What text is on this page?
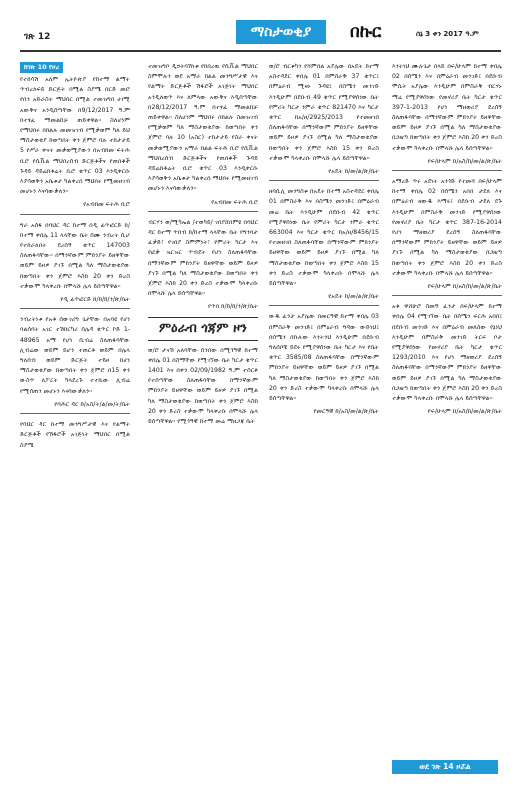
ገጽ 12	ማስታወቂያ	በኩር	ሰኔ 3 ቀን 2017 ዓ.ም
ከገጽ 10 የዞረ

የተከሳሽ አለም ኢትዮጵያ የከተማ ልማት ጥብረለፍይ ድርጅት በሚል ስያሜ በርድ መሮ የበን አድራስት ማህበር በሚል ተመዝግበ ሀገሚ አውቅና አንዲሰጣቸው በ9/12/2017 ዓ.ም በተፃፈ ማመልከቻ ጠይቀዋል፡፡ ስለሆነም የማህበሩ በክልሉ መመዝገብ የሚቃወም ካለ ይህ ማስታወቂያ ከወጣበት ቀን ጀምሮ ባሉ ተከታታይ 5 የሥራ ቀናት መቃወሚያውን በአብክመ ፍትሕ ቢሮ የሲቪል ማህበረሰብ ድርጅቶችና የጠበቆች ጉዳይ ዳይሬክቶሬት ቢሮ ቁጥር 03 እንዲቀርቡ እያሳወቅን አቤቱታ ካልቀረበ ማህበሩ የሚመዘገብ መሆኑን እናሳውቃለን፡፡

የአብክመ ፍትሕ ቢሮ

ግራ አሰፋ በባህር ዳር ከተማ በዲ ፊጥፎርድ ክ/ከተማ ቀበሌ 11 ላላቸው ቤት ሰሙ ንብረት ሲሆ የተከራለበት ደረሰኝ ቁጥር 147003 ስለጠፋባቸው፡፡ በማንኛውም ምክንያት ይዘዋቸው ወይም ይዞዎ ያገኙ በሚል ካለ ማስታወቂያው ከወጣበት ቀን ጀምሮ እስከ 20 ቀን ድረስ ተቃውሞ ካላቀረቡ በሞላሹ ሌላ ይሰጣቸዋል፡፡

የዲ ፊጥፎርድ ክ/ከ/ከ/ን/ጽ/ቤት

ንብረትነቱ የአቶ ሰውገሪግ ጌታቸው በአባዩ የሆነ ባልሰባት አገር ተሽከርካሪ ሰሌዳ ቁጥር ኮድ 1-48965 አማ የሆነ ሲብሬ ስለጠፋባቸው ሊብሬው ወይም ይሆን ተጠርቶ ወይም በሌላ ግለሰብ ወይም ድርጅት ተይዞ ከሆነ ማስታወቂያው ከወጣበት ቀን ጀምሮ በ15 ቀን ውስጥ ለፖርት ካላደረጉ ተተኪው ሊብሬ የሚሰጠን መሆኑን እናሳውቃለን፡፡

የባሕር ዳር ከ/አስ/ት/ል/መ/ት/ቤት

የባህር ዳር ከተማ መንግሥታዊ እና የልማት ድርጅቶች የሽፋሮች አገጅነት ማህበር በሚል ስያሜ

ተመዝግቦ ዲኃትባሽነቱ የክበረዉ የሲቪል ማህበር ስምሞሉን ወደ አማራ ክልል መንግሥታዊ እና የልማት ድርጅቶች ሽፋሮች አገጅነት ማህበር አንዲለወጥ እና ለምላው አውቅና እዲሰጣቸው በ28/12/2017 ዓ.ም በተፃፈ ማመልከቻ ጠይቀዋል፡፡ ስለሆነም ማህበሩ በክልሉ ስመዝገብ የሚቃወም ካለ ማስታወቂያው ከወጣበት ቀን ጀምሮ ባሉ 10 (አስር) ተከታታይ የስራ ቀናት መቃወሚያውን አማራ ክልል ፍትሕ ቢሮ የሲቪል ማህበረሰብ ድርጅቶችና የጠበቆች ጉዳይ ዳይሬክቶሬት ቢሮ ቁጥር 03 እንዲቀርቡ እያሳወቅን አቤቱታ ካልቀረበ ማህበሩ የሚመዘገብ መሆኑን እናሳውቃለን፡፡

የአብክመ ፍትሕ ቢሮ

ብርሃን ወ/ሚካኤል /ተወካይ/ ገበያሸበምዩ በባህር ዳር ከተማ ጥበብ ክ/ከተማ ላላቸው ቤት የግንባታ ፈቃድ፣ የገበያ ስምምነት፣ የምሪት ካርታ እና የፎቃ ዝርዝር ጥብደት የሆነ ስለጠፋባቸው በማንኛውም ምክንያት ይዘዋቸው ወይም ይዞዎ ያገኙ በሚል ካለ ማስታወቂያው ከወጣበት ቀን ጀምሮ እስከ 20 ቀን ድረስ ተቃውሞ ካላቀረቡ በሞላሹ ሌላ ይሰጣቸዋል፡፡

የጥበ ክ/ከ/ከ/ን/ጽ/ቤት

ምዕራብ ጎጃም ዞን

ወ/ሮ ታናሽ አለባቸው ሰንበው በሚጎዓዊ ከተማ ቀበሌ 01 በስማቸው የሚገኘው ቤት ካርታ ቁጥር 1401 እና በቀን 02/09/1982 ዓ.ም ተሰርቶ የተሰጣቸው ስለጠፋባቸው በማንኛውም ምክንያት ይዘዋቸው ወይም ይዞዎ ያገኙ በሚል ካለ ማስታወቂያው ከወጣበት ቀን ጀምሮ እስከ 20 ቀን ድረስ ተቃውሞ ካላቀረቡ በሞላሹ ሌላ ይሰጣቸዋል፡፡ የሚጎዓዊ ከተማ መሬ ማዘጋጃ ቤት

ወ/ሮ ብርቱካን የሻምበል አያሌው በአዴት ከተማ አስተዳደር ቀበሌ 01 በምስራቅ 37 ቁጥር፤ በምዕራብ ሚዛኑ ጉዳዩ፤ በስሜን መንገድ እንዲሁም በደቡብ 49 ቁጥር የሚያዋሰነው ቤት የምሪት ካርታ ንምራ ቁጥር 821470 እና ካርታ ቁጥር ከአ/ዘ/2925/2013 የተመዘገበ ስለጠፋባቸው በማንኛውም ምክንያት ይዘዋቸው ወይም ይዞዎ ያገኙ በሚል ካለ ማስታወቂያው ከወጣበት ቀን ጀምሮ እስከ 15 ቀን ድረስ ተቃውሞ ካላቀረቡ በሞላሹ ሌላ ይሰጣቸዋል፡፡

የአዴት ከ/መ/ል/ጽ/ቤት

ዘባሲሊ መንግስቱ በአዴት ከተማ አስተዳደር ቀበሌ 01 በምስራቅ እና በስሜን መንገድ፤ በምዕራብ መሬ ቤት እንዲሁም በደቡብ 42 ቁጥር የሚያዋሰነው ቤት የምሪት ካርታ ንምራ ቁጥር 663004 እና ካርታ ቁጥር ከአ/ዘ/8456/15 የተመዘገበ ስለጠፋባቸው በማንኛውም ምክንያት ይዘዋቸው ወይም ይዞዎ ያገኙ በሚል ካለ ማስታወቂያው ከወጣበት ቀን ጀምሮ እስከ 15 ቀን ድረስ ተቃውሞ ካላቀረቡ በሞላሹ ሌላ ይሰጣቸዋል፡፡

የአዴት ከ/መ/ል/ጽ/ቤት

ውዱ ፈንታ አያሌው በመርዓዊ ከተማ ቀበሌ 03 በምስራቅ መንገድ፤ በምዕራብ ግዳው ውድነህ፤ በሰሜን በኩሉው እንትንህ እንዲሁም በደቡብ ግለሰቦቹ ይደሩ የሚያዋሰነው ቤት ካርታ እና የቤት ቁጥር 3585/08 ስለጠፋባቸው በማንኛውም ምክንያት ይዘዋቸው ወይም ይዞዎ ያገኙ በሚል ካለ ማስታወቂያው ከወጣበት ቀን ጀምሮ እስከ 20 ቀን ድረስ ተቃውሞ ካላቀረቡ በሞላሹ ሌላ ይሰጣቸዋል፡፡

የመርዓዊ ከ/አስ/መ/ል/ጽ/ቤት

እንትነህ ሙሉጌታ በላይ በፍ/ሁላም ከተማ ቀበሌ 02 በሰሜን እና በምዕራብ መንገድ፤ በደቡብ ሞሲት አያሌው እንዲሁም በምስራቅ ብርሃኑ ማሬ የሚያዋሰነው የመኖሪያ ቤት ካርታ ቁጥር 397-1-2013 የሆነ ማዘወሪያ ደረሰኝ ስለጠፋባቸው በማንኛውም ምክንያት ይዘዋቸው ወይም ይዞዎ ያገኙ በሚል ካለ ማስታወቂያው በጋዜጣ ከወጣበት ቀን ጀምሮ እስከ 20 ቀን ድረስ ተቃውሞ ካላቀረቡ በሞላሹ ሌላ ይሰጣቸዋል፡፡

የፍ/ሁላም ከ/አስ/ከ/መ/ል/ጽ/ቤት

አማረድ ጥሩ አደነት አንጎድ የተመሻ በፍ/ሁላም ከተማ ቀበሌ 02 በሰሜን አበበ ታደለ እና በምዕራብ ዘውዱ እማሩ፤ በደቡብ ታደለ ደጉ እንዲሁም በምስራቅ መንገድ የሚያዋሰነው የመኖሪያ ቤት ካርታ ቁጥር 387-16-2014 የሆነ ማዘወሪያ ደረሰኝ ስለጠፋባቸው በማንኛውም ምክንያት ይዘዋቸው ወይም ይዞዎ ያገኙ በሚል ካለ ማስታወቂያው በጋዜጣ ከወጣበት ቀን ጀምሮ እስከ 20 ቀን ድረስ ተቃውሞ ካላቀረቡ በሞላሹ ሌላ ይሰጣቸዋል፡፡

የፍ/ሁላም ከ/አስ/ከ/መ/ል/ጽ/ቤት

አቶ ዋሸሁሮ ስመኝ ፈንታ በፍ/ሁላም ከተማ ቀበሌ 04 የሚገኘው ቤት በሰሜን ፍርሕ አበበ፤ በደቡብ መንገድ እና በምዕራብ መለስው የኔነህ እንዲሁም በምስራቅ መንገድ ትርፍ ቦታ የሚያዋሰነው የመኖሪያ ቤት ካርታ ቁጥር 1293/2010 እና የሆነ ማዘወሪያ ደረሰኝ ስለጠፋባቸው በማንኛውም ምክንያት ይዘዋቸው ወይም ይዞዎ ያገኙ በሚል ካለ ማስታወቂያው በጋዜጣ ከወጣበት ቀን ጀምሮ እስከ 20 ቀን ድረስ ተቃውሞ ካላቀረቡ በሞላሹ ሌላ ይሰጣቸዋል፡፡

የፍ/ሁላም ከ/አስ/ከ/መ/ል/ጽ/ቤት

ወደ ገጽ 14 ዞሯል
